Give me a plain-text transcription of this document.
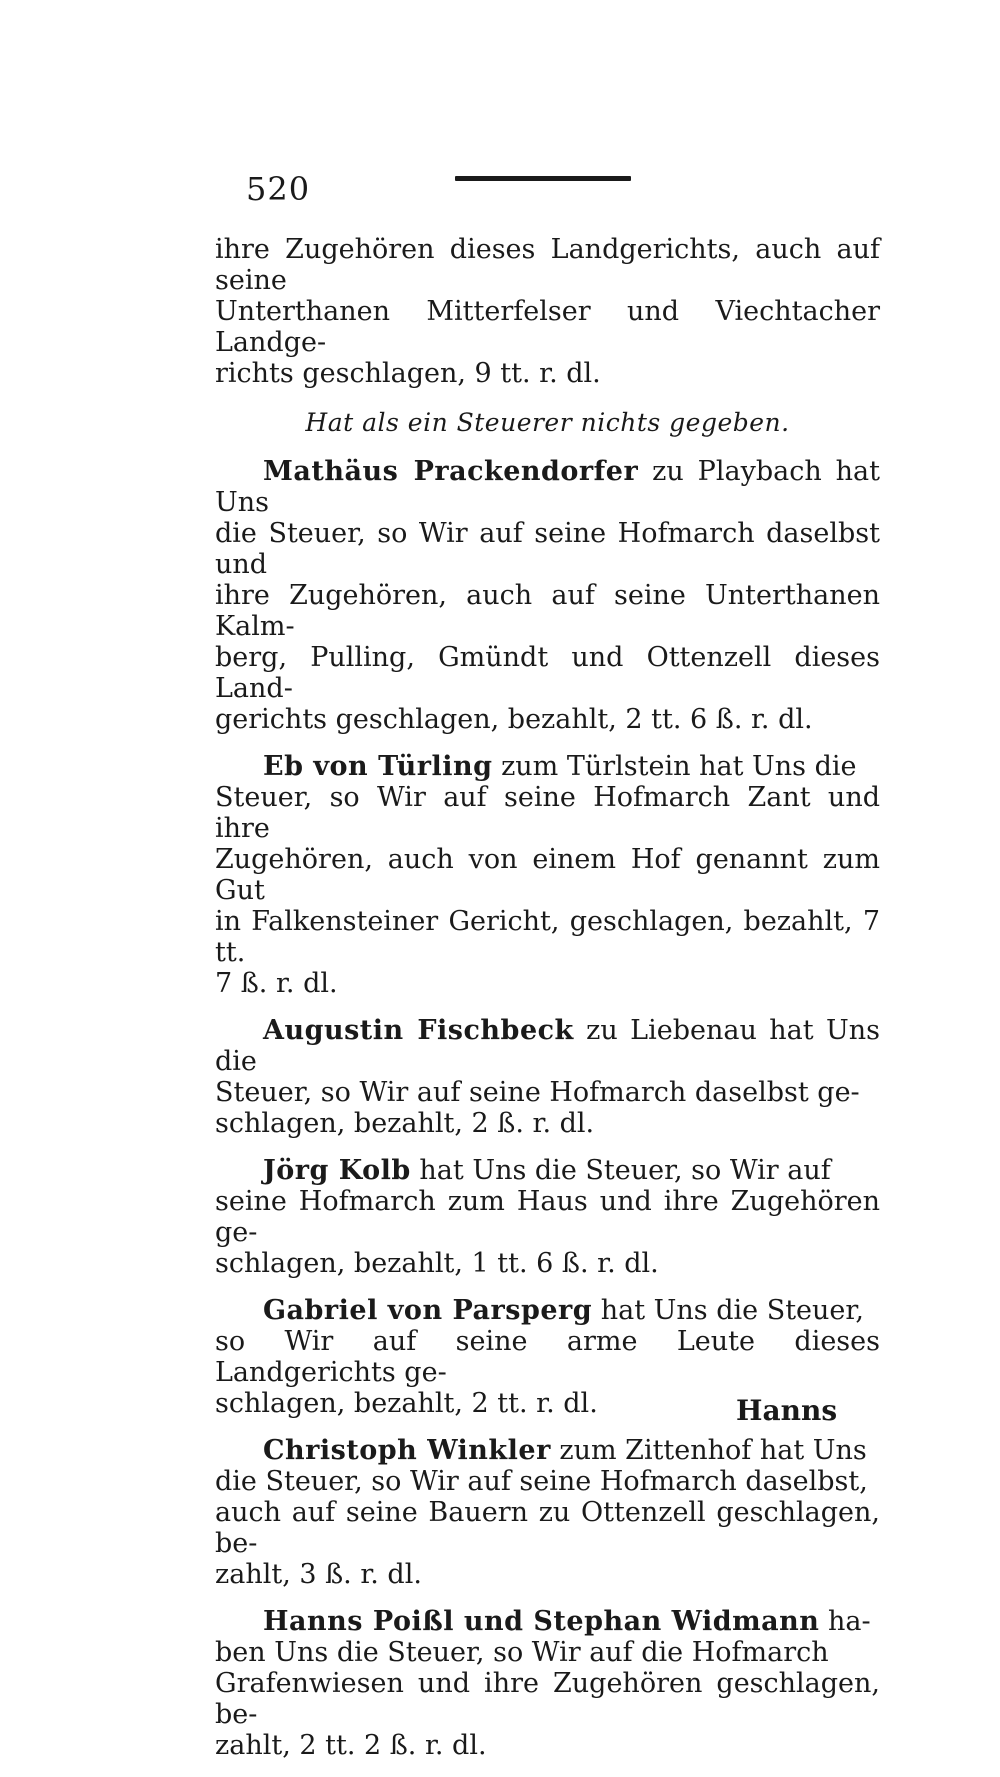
520

ihre Zugehören dieses Landgerichts, auch auf seine
Unterthanen Mitterfelser und Viechtacher Landge-
richts geschlagen, 9 tt. r. dl.

Hat als ein Steuerer nichts gegeben.

Mathäus Prackendorfer zu Playbach hat Uns
die Steuer, so Wir auf seine Hofmarch daselbst und
ihre Zugehören, auch auf seine Unterthanen Kalm-
berg, Pulling, Gmündt und Ottenzell dieses Land-
gerichts geschlagen, bezahlt, 2 tt. 6 ß. r. dl.

Eb von Türling zum Türlstein hat Uns die
Steuer, so Wir auf seine Hofmarch Zant und ihre
Zugehören, auch von einem Hof genannt zum Gut
in Falkensteiner Gericht, geschlagen, bezahlt, 7 tt.
7 ß. r. dl.

Augustin Fischbeck zu Liebenau hat Uns die
Steuer, so Wir auf seine Hofmarch daselbst ge-
schlagen, bezahlt, 2 ß. r. dl.

Jörg Kolb hat Uns die Steuer, so Wir auf
seine Hofmarch zum Haus und ihre Zugehören ge-
schlagen, bezahlt, 1 tt. 6 ß. r. dl.

Gabriel von Parsperg hat Uns die Steuer,
so Wir auf seine arme Leute dieses Landgerichts ge-
schlagen, bezahlt, 2 tt. r. dl.

Christoph Winkler zum Zittenhof hat Uns
die Steuer, so Wir auf seine Hofmarch daselbst,
auch auf seine Bauern zu Ottenzell geschlagen, be-
zahlt, 3 ß. r. dl.

Hanns Poißl und Stephan Widmann ha-
ben Uns die Steuer, so Wir auf die Hofmarch
Grafenwiesen und ihre Zugehören geschlagen, be-
zahlt, 2 tt. 2 ß. r. dl.

Hanns
